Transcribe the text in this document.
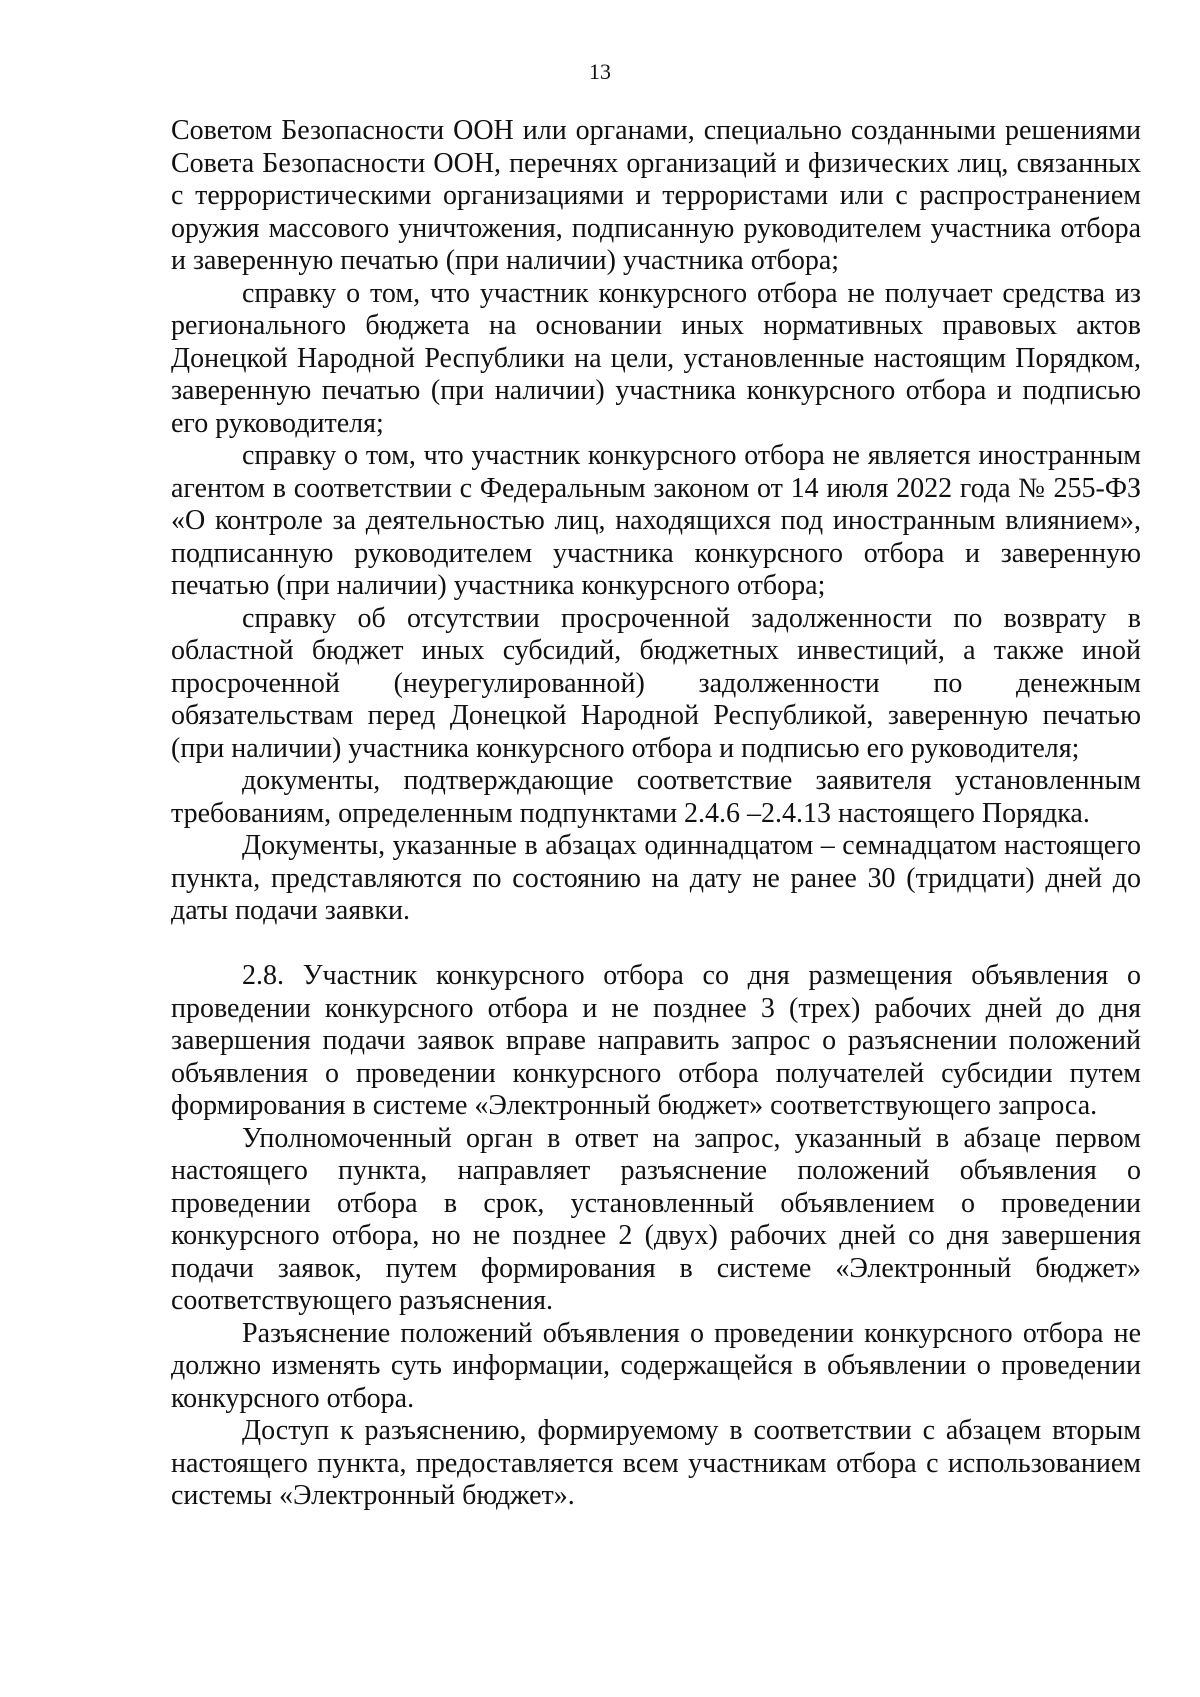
13

Советом Безопасности ООН или органами, специально созданными решениями Совета Безопасности ООН, перечнях организаций и физических лиц, связанных с террористическими организациями и террористами или с распространением оружия массового уничтожения, подписанную руководителем участника отбора и заверенную печатью (при наличии) участника отбора;

справку о том, что участник конкурсного отбора не получает средства из регионального бюджета на основании иных нормативных правовых актов Донецкой Народной Республики на цели, установленные настоящим Порядком, заверенную печатью (при наличии) участника конкурсного отбора и подписью его руководителя;

справку о том, что участник конкурсного отбора не является иностранным агентом в соответствии с Федеральным законом от 14 июля 2022 года № 255-ФЗ «О контроле за деятельностью лиц, находящихся под иностранным влиянием», подписанную руководителем участника конкурсного отбора и заверенную печатью (при наличии) участника конкурсного отбора;

справку об отсутствии просроченной задолженности по возврату в областной бюджет иных субсидий, бюджетных инвестиций, а также иной просроченной (неурегулированной) задолженности по денежным обязательствам перед Донецкой Народной Республикой, заверенную печатью (при наличии) участника конкурсного отбора и подписью его руководителя;

документы, подтверждающие соответствие заявителя установленным требованиям, определенным подпунктами 2.4.6 –2.4.13 настоящего Порядка.

Документы, указанные в абзацах одиннадцатом – семнадцатом настоящего пункта, представляются по состоянию на дату не ранее 30 (тридцати) дней до даты подачи заявки.

2.8. Участник конкурсного отбора со дня размещения объявления о проведении конкурсного отбора и не позднее 3 (трех) рабочих дней до дня завершения подачи заявок вправе направить запрос о разъяснении положений объявления о проведении конкурсного отбора получателей субсидии путем формирования в системе «Электронный бюджет» соответствующего запроса.

Уполномоченный орган в ответ на запрос, указанный в абзаце первом настоящего пункта, направляет разъяснение положений объявления о проведении отбора в срок, установленный объявлением о проведении конкурсного отбора, но не позднее 2 (двух) рабочих дней со дня завершения подачи заявок, путем формирования в системе «Электронный бюджет» соответствующего разъяснения.

Разъяснение положений объявления о проведении конкурсного отбора не должно изменять суть информации, содержащейся в объявлении о проведении конкурсного отбора.

Доступ к разъяснению, формируемому в соответствии с абзацем вторым настоящего пункта, предоставляется всем участникам отбора с использованием системы «Электронный бюджет».
